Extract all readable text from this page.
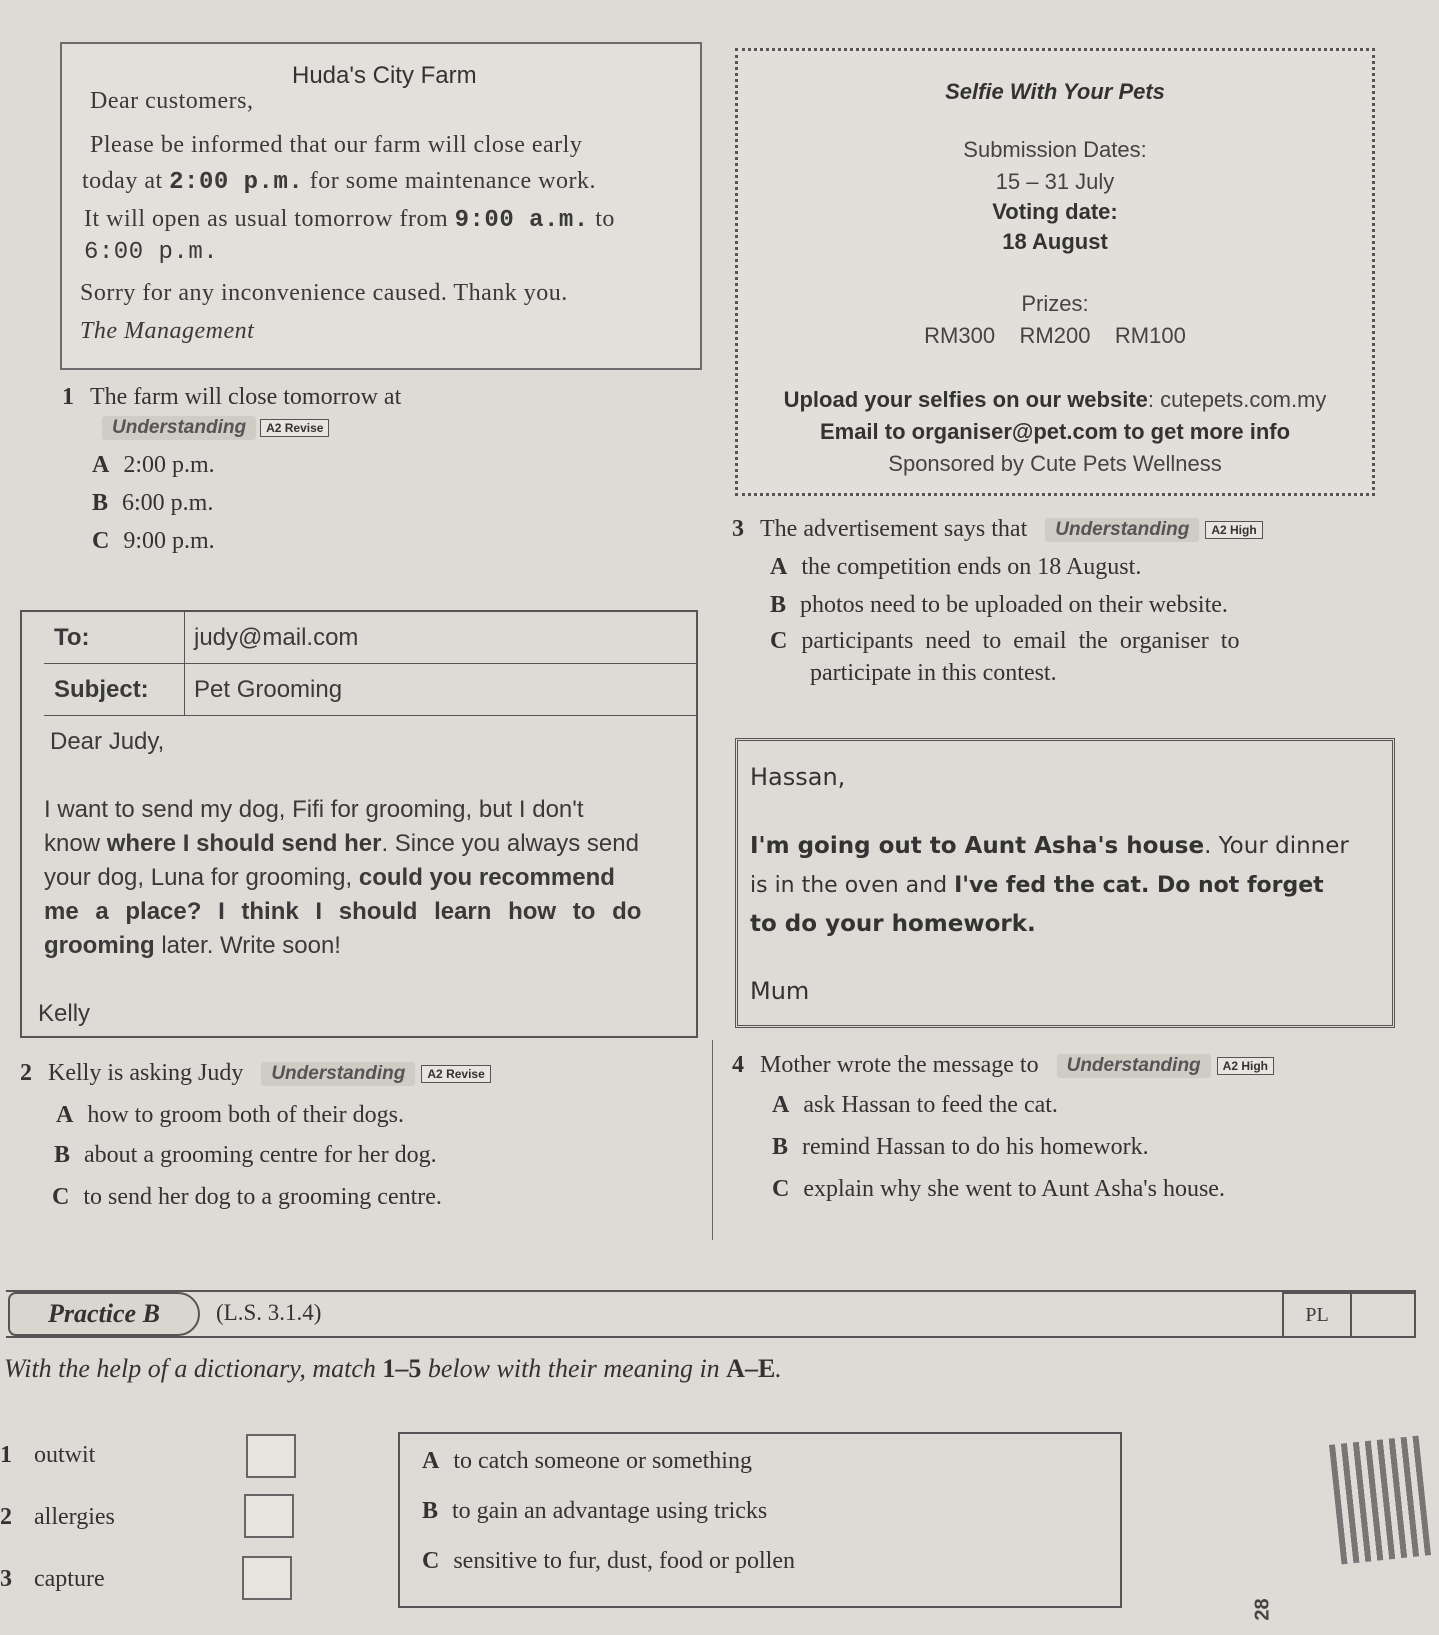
Huda's City Farm
Dear customers,
Please be informed that our farm will close early
today at 2:00 p.m. for some maintenance work.
It will open as usual tomorrow from 9:00 a.m. to
6:00 p.m.
Sorry for any inconvenience caused. Thank you.
The Management
Selfie With Your Pets
Submission Dates:
15 – 31 July
Voting date:
18 August
Prizes:
RM300    RM200    RM100
Upload your selfies on our website: cutepets.com.my
Email to organiser@pet.com to get more info
Sponsored by Cute Pets Wellness
1 The farm will close tomorrow at
Understanding A2 Revise
A 2:00 p.m.
B 6:00 p.m.
C 9:00 p.m.	3 The advertisement says that Understanding A2 High
A the competition ends on 18 August.
B photos need to be uploaded on their website.
C participants need to email the organiser to
participate in this contest.
To:	judy@mail.com
Subject: Pet Grooming
Dear Judy,
I want to send my dog, Fifi for grooming, but I don't
know where I should send her. Since you always send
your dog, Luna for grooming, could you recommend
me a place? I think I should learn how to do
grooming later. Write soon!
Kelly
Hassan,
I'm going out to Aunt Asha's house. Your dinner
is in the oven and I've fed the cat. Do not forget
to do your homework.
Mum
2 Kelly is asking Judy Understanding A2 Revise
A how to groom both of their dogs.
B about a grooming centre for her dog.
C to send her dog to a grooming centre.
4 Mother wrote the message to Understanding A2 High
A ask Hassan to feed the cat.
B remind Hassan to do his homework.
C explain why she went to Aunt Asha's house.
Practice B	(L.S. 3.1.4)	PL
With the help of a dictionary, match 1–5 below with their meaning in A–E.
1 outwit
2 allergies
3 capture
A to catch someone or something
B to gain an advantage using tricks
C sensitive to fur, dust, food or pollen
28
